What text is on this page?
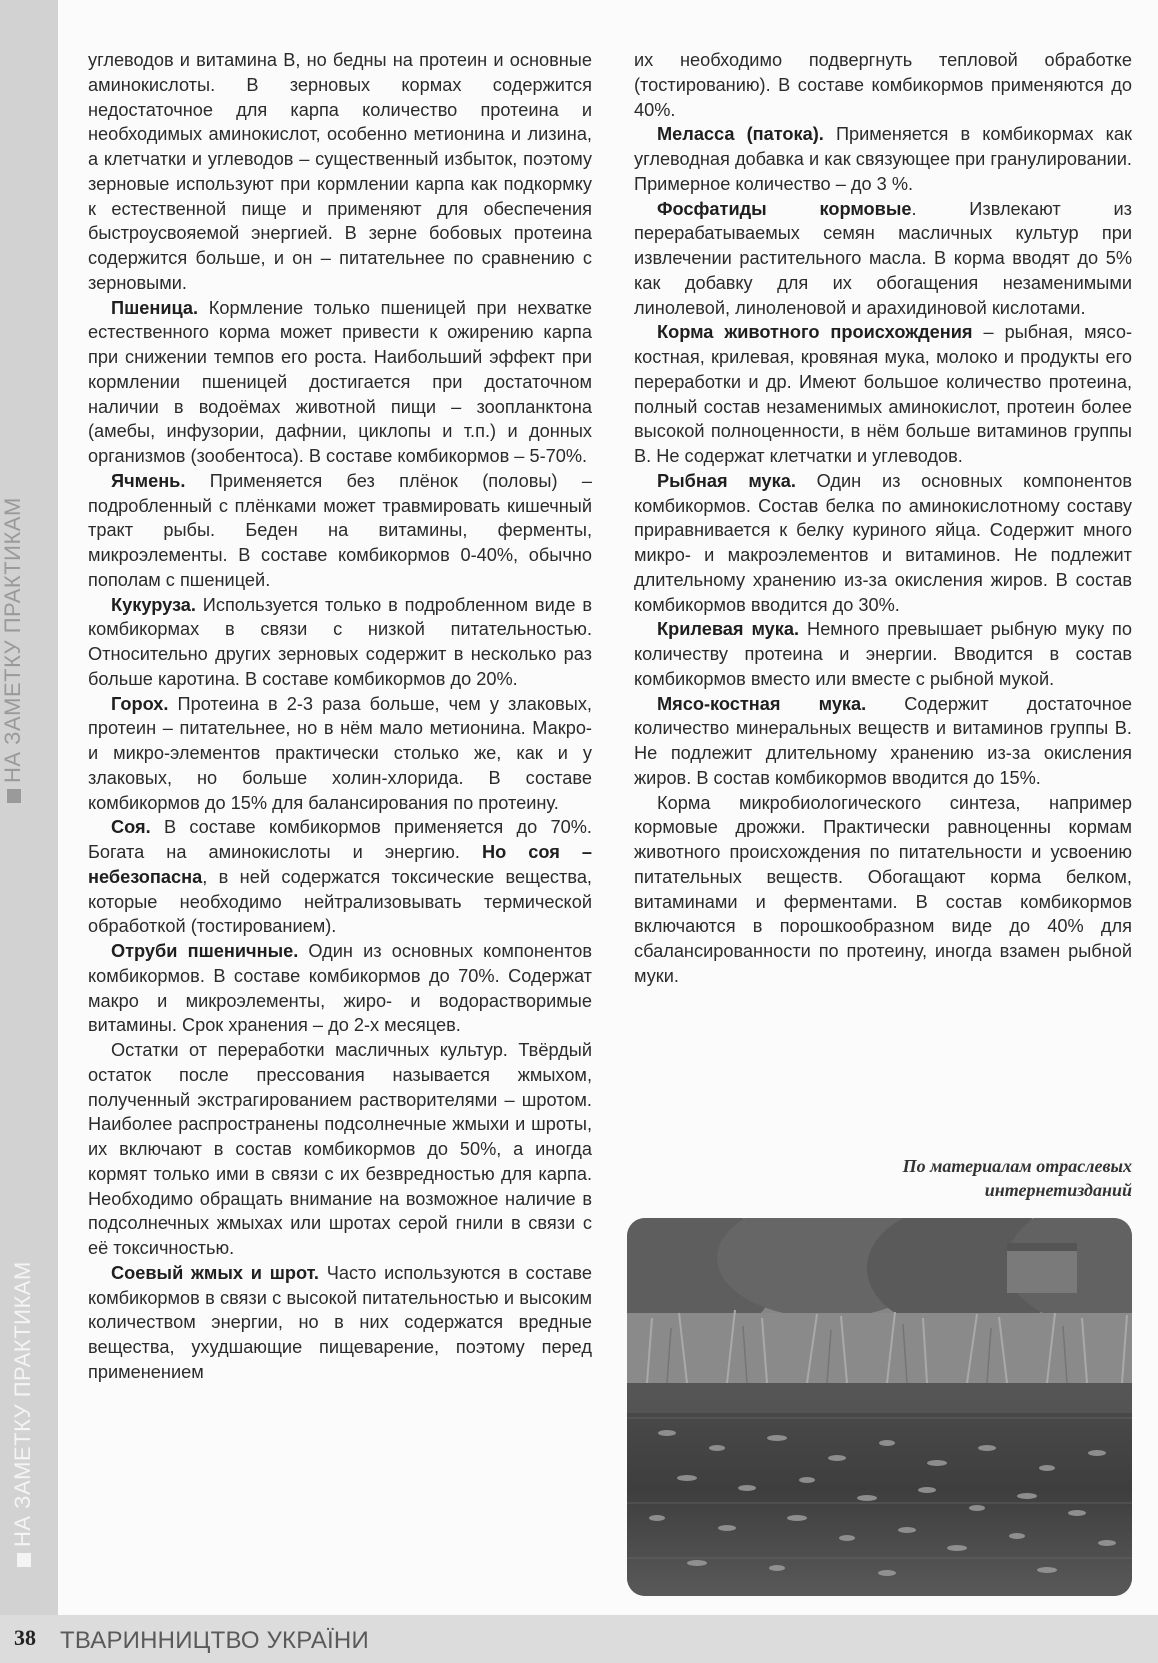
НА ЗАМЕТКУ ПРАКТИКАМ
НА ЗАМЕТКУ ПРАКТИКАМ

углеводов и витамина В, но бедны на протеин и основные аминокислоты. В зерновых кормах содержится недостаточное для карпа количество протеина и необходимых аминокислот, особенно метионина и лизина, а клетчатки и углеводов – существенный избыток, поэтому зерновые используют при кормлении карпа как подкормку к естественной пище и применяют для обеспечения быстроусвояемой энергией. В зерне бобовых протеина содержится больше, и он – питательнее по сравнению с зерновыми.

Пшеница. Кормление только пшеницей при нехватке естественного корма может привести к ожирению карпа при снижении темпов его роста. Наибольший эффект при кормлении пшеницей достигается при достаточном наличии в водоёмах животной пищи – зоопланктона (амебы, инфузории, дафнии, циклопы и т.п.) и донных организмов (зообентоса). В составе комбикормов – 5-70%.

Ячмень. Применяется без плёнок (половы) – подробленный с плёнками может травмировать кишечный тракт рыбы. Беден на витамины, ферменты, микроэлементы. В составе комбикормов 0-40%, обычно пополам с пшеницей.

Кукуруза. Используется только в подробленном виде в комбикормах в связи с низкой питательностью. Относительно других зерновых содержит в несколько раз больше каротина. В составе комбикормов до 20%.

Горох. Протеина в 2-3 раза больше, чем у злаковых, протеин – питательнее, но в нём мало метионина. Макро- и микро-элементов практически столько же, как и у злаковых, но больше холин-хлорида. В составе комбикормов до 15% для балансирования по протеину.

Соя. В составе комбикормов применяется до 70%. Богата на аминокислоты и энергию. Но соя – небезопасна, в ней содержатся токсические вещества, которые необходимо нейтрализовывать термической обработкой (тостированием).

Отруби пшеничные. Один из основных компонентов комбикормов. В составе комбикормов до 70%. Содержат макро и микроэлементы, жиро- и водорастворимые витамины. Срок хранения – до 2-х месяцев.

Остатки от переработки масличных культур. Твёрдый остаток после прессования называется жмыхом, полученный экстрагированием растворителями – шротом. Наиболее распространены подсолнечные жмыхи и шроты, их включают в состав комбикормов до 50%, а иногда кормят только ими в связи с их безвредностью для карпа. Необходимо обращать внимание на возможное наличие в подсолнечных жмыхах или шротах серой гнили в связи с её токсичностью.

Соевый жмых и шрот. Часто используются в составе комбикормов в связи с высокой питательностью и высоким количеством энергии, но в них содержатся вредные вещества, ухудшающие пищеварение, поэтому перед применением

их необходимо подвергнуть тепловой обработке (тостированию). В составе комбикормов применяются до 40%.

Меласса (патока). Применяется в комбикормах как углеводная добавка и как связующее при гранулировании. Примерное количество – до 3 %.

Фосфатиды кормовые. Извлекают из перерабатываемых семян масличных культур при извлечении растительного масла. В корма вводят до 5% как добавку для их обогащения незаменимыми линолевой, линоленовой и арахидиновой кислотами.

Корма животного происхождения – рыбная, мясо-костная, крилевая, кровяная мука, молоко и продукты его переработки и др. Имеют большое количество протеина, полный состав незаменимых аминокислот, протеин более высокой полноценности, в нём больше витаминов группы В. Не содержат клетчатки и углеводов.

Рыбная мука. Один из основных компонентов комбикормов. Состав белка по аминокислотному составу приравнивается к белку куриного яйца. Содержит много микро- и макроэлементов и витаминов. Не подлежит длительному хранению из-за окисления жиров. В состав комбикормов вводится до 30%.

Крилевая мука. Немного превышает рыбную муку по количеству протеина и энергии. Вводится в состав комбикормов вместо или вместе с рыбной мукой.

Мясо-костная мука. Содержит достаточное количество минеральных веществ и витаминов группы В. Не подлежит длительному хранению из-за окисления жиров. В состав комбикормов вводится до 15%.

Корма микробиологического синтеза, например кормовые дрожжи. Практически равноценны кормам животного происхождения по питательности и усвоению питательных веществ. Обогащают корма белком, витаминами и ферментами. В состав комбикормов включаются в порошкообразном виде до 40% для сбалансированности по протеину, иногда взамен рыбной муки.

По материалам отраслевых
интернетизданий
38 ТВАРИННИЦТВО УКРАЇНИ
